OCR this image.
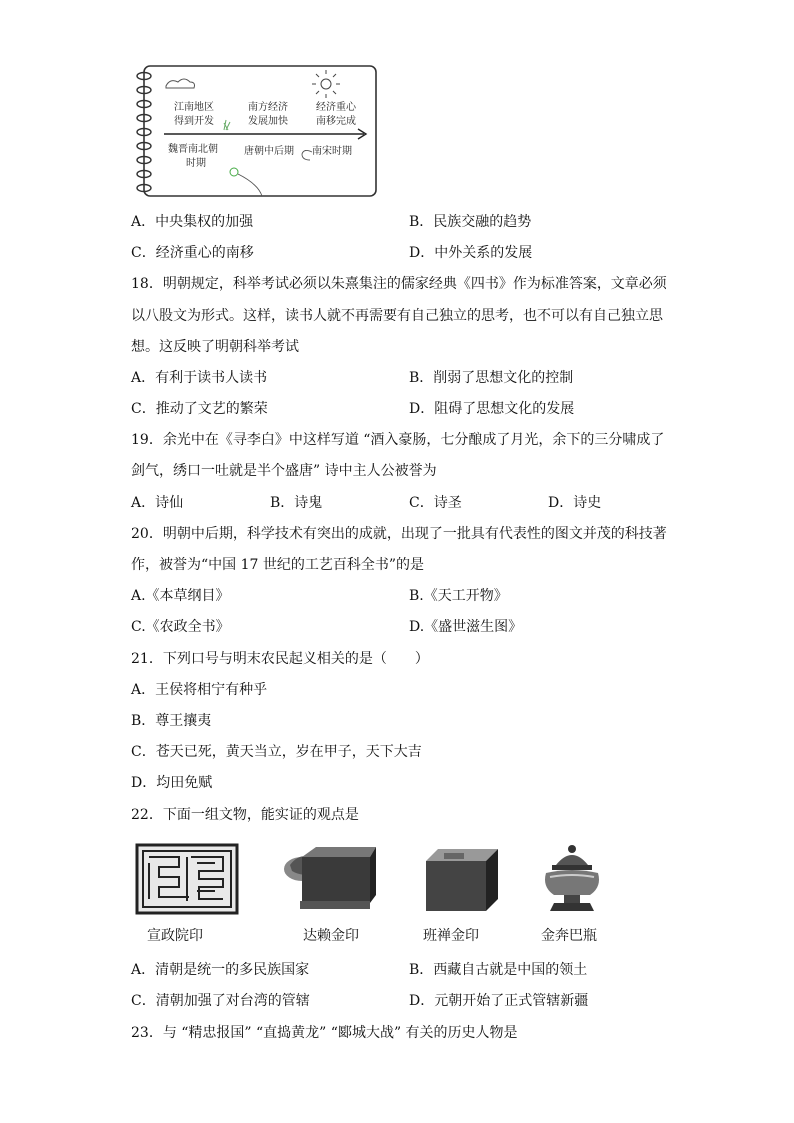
江南地区
得到开发
南方经济
发展加快
经济重心
南移完成
魏晋南北朝
时期
唐朝中后期 南宋时期
A．中央集权的加强	B．民族交融的趋势
C．经济重心的南移	D．中外关系的发展
18．明朝规定，科举考试必须以朱熹集注的儒家经典《四书》作为标准答案，文章必须
以八股文为形式。这样，读书人就不再需要有自己独立的思考，也不可以有自己独立思
想。这反映了明朝科举考试
A．有利于读书人读书	B．削弱了思想文化的控制
C．推动了文艺的繁荣	D．阻碍了思想文化的发展
19．余光中在《寻李白》中这样写道 “酒入豪肠，七分酿成了月光，余下的三分啸成了
剑气，绣口一吐就是半个盛唐” 诗中主人公被誉为
A．诗仙	B．诗鬼	C．诗圣	D．诗史
20．明朝中后期，科学技术有突出的成就，出现了一批具有代表性的图文并茂的科技著
作，被誉为“中国 17 世纪的工艺百科全书”的是
A.《本草纲目》	B.《天工开物》
C.《农政全书》	D.《盛世滋生图》
21．下列口号与明末农民起义相关的是（　　）
A．王侯将相宁有种乎
B．尊王攘夷
C．苍天已死，黄天当立，岁在甲子，天下大吉
D．均田免赋
22．下面一组文物，能实证的观点是
宣政院印	达赖金印	班禅金印	金奔巴瓶
A．清朝是统一的多民族国家	B．西藏自古就是中国的领土
C．清朝加强了对台湾的管辖	D．元朝开始了正式管辖新疆
23．与 “精忠报国” “直捣黄龙” “郾城大战” 有关的历史人物是
